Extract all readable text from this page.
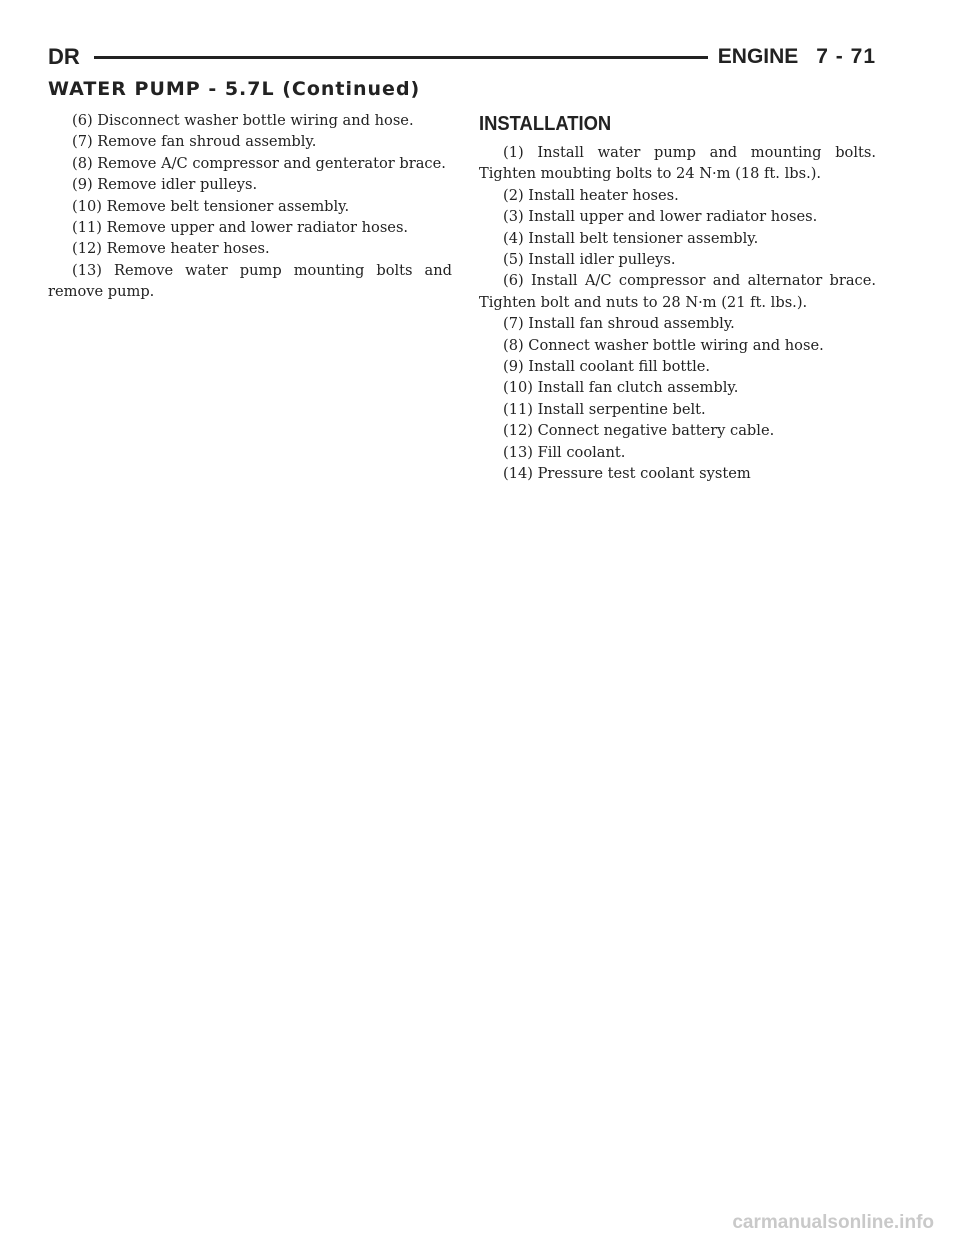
DR	ENGINE 7 - 71
WATER PUMP - 5.7L (Continued)

(6) Disconnect washer bottle wiring and hose.

(7) Remove fan shroud assembly.

(8) Remove A/C compressor and genterator brace.

(9) Remove idler pulleys.

(10) Remove belt tensioner assembly.

(11) Remove upper and lower radiator hoses.

(12) Remove heater hoses.

(13) Remove water pump mounting bolts and remove pump.

INSTALLATION

(1) Install water pump and mounting bolts. Tighten moubting bolts to 24 N·m (18 ft. lbs.).

(2) Install heater hoses.

(3) Install upper and lower radiator hoses.

(4) Install belt tensioner assembly.

(5) Install idler pulleys.

(6) Install A/C compressor and alternator brace. Tighten bolt and nuts to 28 N·m (21 ft. lbs.).

(7) Install fan shroud assembly.

(8) Connect washer bottle wiring and hose.

(9) Install coolant fill bottle.

(10) Install fan clutch assembly.

(11) Install serpentine belt.

(12) Connect negative battery cable.

(13) Fill coolant.

(14) Pressure test coolant system

carmanualsonline.info
